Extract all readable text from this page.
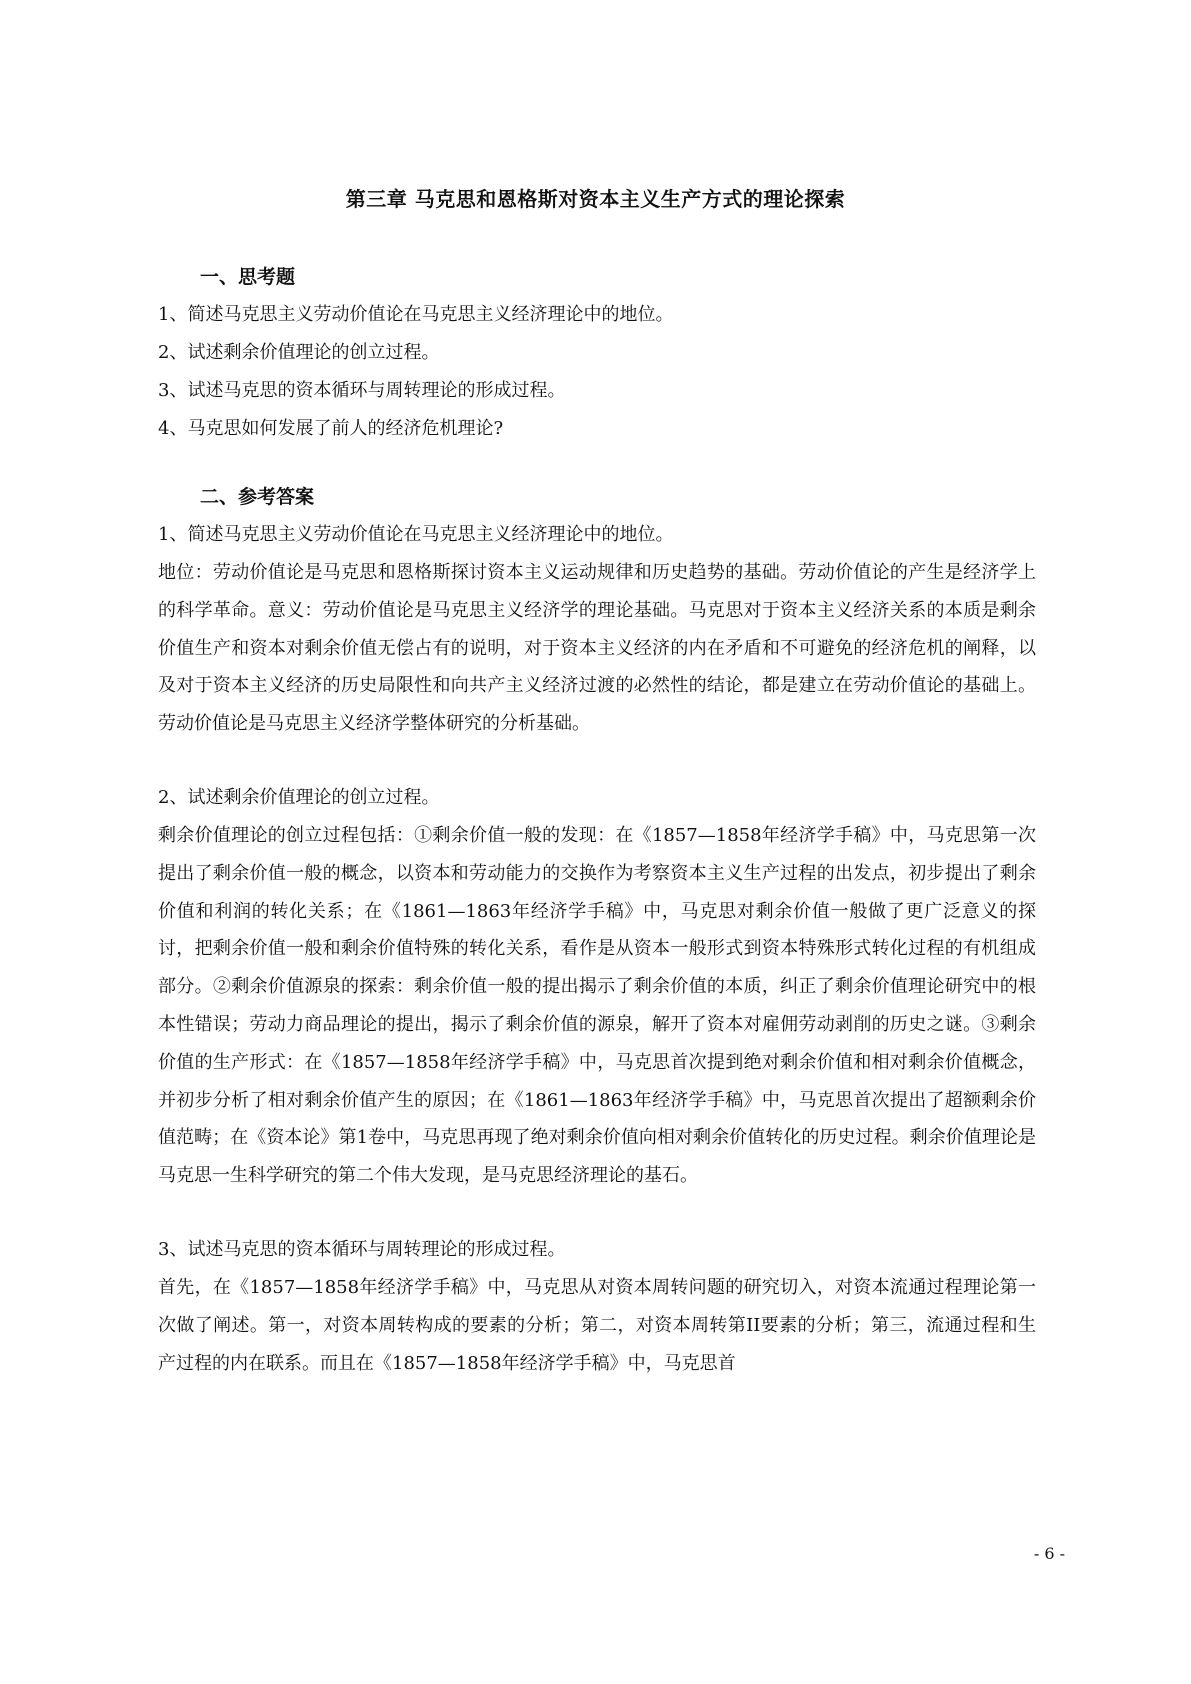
第三章 马克思和恩格斯对资本主义生产方式的理论探索
一、思考题
1、简述马克思主义劳动价值论在马克思主义经济理论中的地位。
2、试述剩余价值理论的创立过程。
3、试述马克思的资本循环与周转理论的形成过程。
4、马克思如何发展了前人的经济危机理论?
二、参考答案
1、简述马克思主义劳动价值论在马克思主义经济理论中的地位。

地位：劳动价值论是马克思和恩格斯探讨资本主义运动规律和历史趋势的基础。劳动价值论的产生是经济学上的科学革命。意义：劳动价值论是马克思主义经济学的理论基础。马克思对于资本主义经济关系的本质是剩余价值生产和资本对剩余价值无偿占有的说明，对于资本主义经济的内在矛盾和不可避免的经济危机的阐释，以及对于资本主义经济的历史局限性和向共产主义经济过渡的必然性的结论，都是建立在劳动价值论的基础上。劳动价值论是马克思主义经济学整体研究的分析基础。

2、试述剩余价值理论的创立过程。

剩余价值理论的创立过程包括：①剩余价值一般的发现：在《1857—1858年经济学手稿》中，马克思第一次提出了剩余价值一般的概念，以资本和劳动能力的交换作为考察资本主义生产过程的出发点，初步提出了剩余价值和利润的转化关系；在《1861—1863年经济学手稿》中，马克思对剩余价值一般做了更广泛意义的探讨，把剩余价值一般和剩余价值特殊的转化关系，看作是从资本一般形式到资本特殊形式转化过程的有机组成部分。②剩余价值源泉的探索：剩余价值一般的提出揭示了剩余价值的本质，纠正了剩余价值理论研究中的根本性错误；劳动力商品理论的提出，揭示了剩余价值的源泉，解开了资本对雇佣劳动剥削的历史之谜。③剩余价值的生产形式：在《1857—1858年经济学手稿》中，马克思首次提到绝对剩余价值和相对剩余价值概念，并初步分析了相对剩余价值产生的原因；在《1861—1863年经济学手稿》中，马克思首次提出了超额剩余价值范畴；在《资本论》第1卷中，马克思再现了绝对剩余价值向相对剩余价值转化的历史过程。剩余价值理论是马克思一生科学研究的第二个伟大发现，是马克思经济理论的基石。

3、试述马克思的资本循环与周转理论的形成过程。

首先，在《1857—1858年经济学手稿》中，马克思从对资本周转问题的研究切入，对资本流通过程理论第一次做了阐述。第一，对资本周转构成的要素的分析；第二，对资本周转第II要素的分析；第三，流通过程和生产过程的内在联系。而且在《1857—1858年经济学手稿》中，马克思首

- 6 -
